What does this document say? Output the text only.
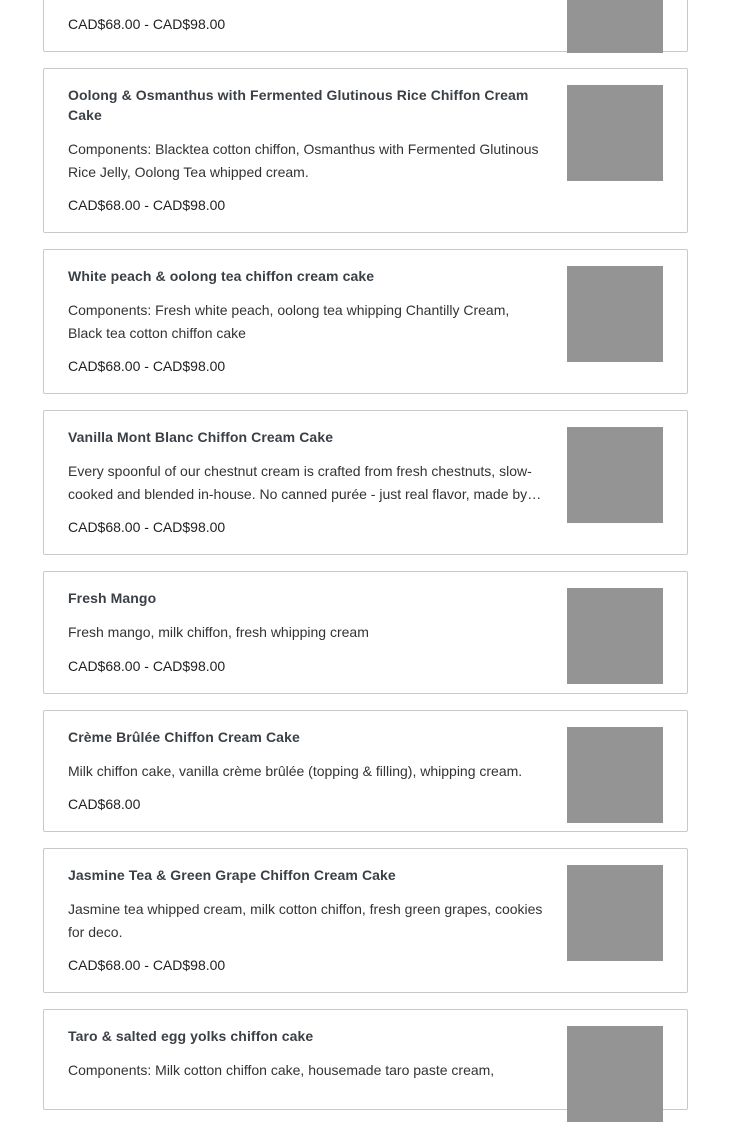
CAD$68.00 - CAD$98.00
Oolong & Osmanthus with Fermented Glutinous Rice Chiffon Cream Cake
Components: Blacktea cotton chiffon, Osmanthus with Fermented Glutinous Rice Jelly, Oolong Tea whipped cream.
CAD$68.00 - CAD$98.00
White peach & oolong tea chiffon cream cake
Components: Fresh white peach, oolong tea whipping Chantilly Cream, Black tea cotton chiffon cake
CAD$68.00 - CAD$98.00
Vanilla Mont Blanc Chiffon Cream Cake
Every spoonful of our chestnut cream is crafted from fresh chestnuts, slow-cooked and blended in-house. No canned purée - just real flavor, made by
CAD$68.00 - CAD$98.00
Fresh Mango
Fresh mango, milk chiffon, fresh whipping cream
CAD$68.00 - CAD$98.00
Crème Brûlée Chiffon Cream Cake
Milk chiffon cake, vanilla crème brûlée (topping & filling), whipping cream.
CAD$68.00
Jasmine Tea & Green Grape Chiffon Cream Cake
Jasmine tea whipped cream, milk cotton chiffon, fresh green grapes, cookies for deco.
CAD$68.00 - CAD$98.00
Taro & salted egg yolks chiffon cake
Components: Milk cotton chiffon cake, housemade taro paste cream,
